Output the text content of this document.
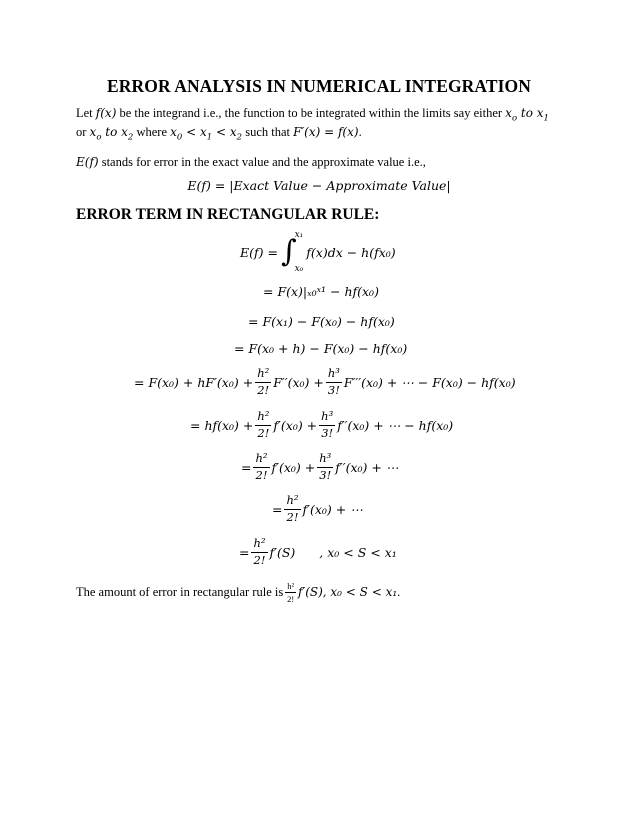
ERROR ANALYSIS IN NUMERICAL INTEGRATION
Let f(x) be the integrand i.e., the function to be integrated within the limits say either $x_o$ to $x_1$
or $x_o$ to $x_2$ where $x_0 < x_1 < x_2$ such that F′(x) = f(x).
E(f) stands for error in the exact value and the approximate value i.e.,
E(f) = |Exact Value − Approximate Value|
ERROR TERM IN RECTANGULAR RULE:
E(f) = ∫
x₁
x₀
f(x)dx − h(fx₀)
= F(x)|ₓ₀ˣ¹ − hf(x₀)
= F(x₁) − F(x₀) − hf(x₀)
= F(x₀ + h) − F(x₀) − hf(x₀)
= $F(x_0) + hF'(x_0) + \frac{\text{h²}}{2!} F''(x_0) + \frac{\text{h³}}{3!} F'''(x_0)$ + ⋯ − F(x₀) − hf(x₀)
= $hf(x_0) + \frac{\text{h²}}{2!} f'(x_0) + \frac{\text{h³}}{3!} f''(x_0)$ + ⋯ − hf(x₀)
= $\frac{\text{h²}}{2!} f'(x_0) + \frac{\text{h³}}{3!} f''(x_0)$ + ⋯
= $\frac{\text{h²}}{2!} f'(x_0)$ + ⋯
= $\frac{\text{h²}}{2!} f'(S)$ , x₀ < S < x₁
The amount of error in rectangular rule is $\frac{\text{h²}}{2!} f'(S)$, x₀ < S < x₁ .
